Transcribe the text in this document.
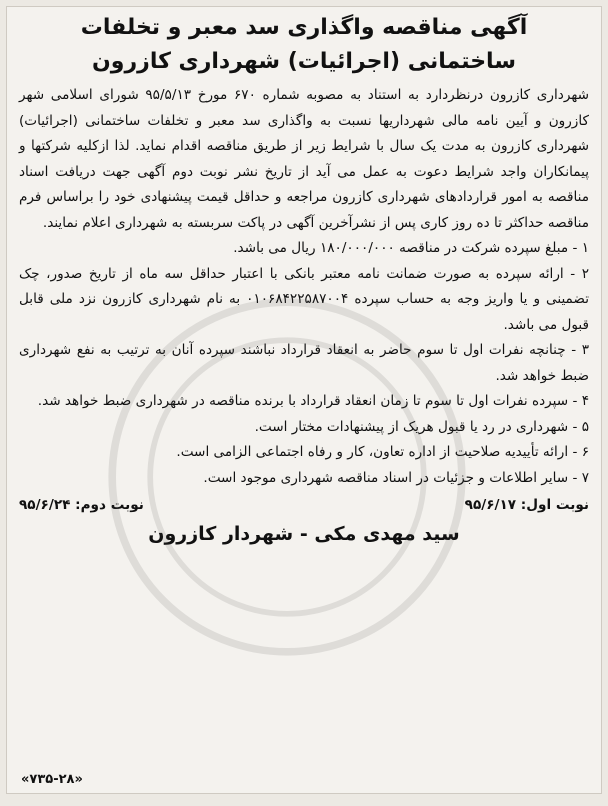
آگهی مناقصه واگذاری سد معبر و تخلفات
ساختمانی (اجرائیات) شهرداری کازرون

شهرداری کازرون درنظردارد به استناد به مصوبه شماره ۶۷۰ مورخ ۹۵/۵/۱۳ شورای اسلامی شهر کازرون و آیین نامه مالی شهرداریها نسبت به واگذاری سد معبر و تخلفات ساختمانی (اجرائیات) شهرداری کازرون به مدت یک سال با شرایط زیر از طریق مناقصه اقدام نماید. لذا ازکلیه شرکتها و پیمانکاران واجد شرایط دعوت به عمل می آید از تاریخ نشر نوبت دوم آگهی جهت دریافت اسناد مناقصه به امور قراردادهای شهرداری کازرون مراجعه و حداقل قیمت پیشنهادی خود را براساس فرم مناقصه حداکثر تا ده روز کاری پس از نشرآخرین آگهی در پاکت سربسته به شهرداری اعلام نمایند.

۱ - مبلغ سپرده شرکت در مناقصه ۱۸۰/۰۰۰/۰۰۰ ریال می باشد.
۲ - ارائه سپرده به صورت ضمانت نامه معتبر بانکی با اعتبار حداقل سه ماه از تاریخ صدور، چک تضمینی و یا واریز وجه به حساب سپرده ۰۱۰۶۸۴۲۲۵۸۷۰۰۴ به نام شهرداری کازرون نزد ملی قابل قبول می باشد.
۳ - چنانچه نفرات اول تا سوم حاضر به انعقاد قرارداد نباشند سپرده آنان به ترتیب به نفع شهرداری ضبط خواهد شد.
۴ - سپرده نفرات اول تا سوم تا زمان انعقاد قرارداد با برنده مناقصه در شهرداری ضبط خواهد شد.
۵ - شهرداری در رد یا قبول هریک از پیشنهادات مختار است.
۶ - ارائه تأییدیه صلاحیت از اداره تعاون، کار و رفاه اجتماعی الزامی است.
۷ - سایر اطلاعات و جزئیات در اسناد مناقصه شهرداری موجود است.
نوبت اول: ۹۵/۶/۱۷
نوبت دوم: ۹۵/۶/۲۴
سید مهدی مکی - شهردار کازرون
«۷۳۵-۲۸»
